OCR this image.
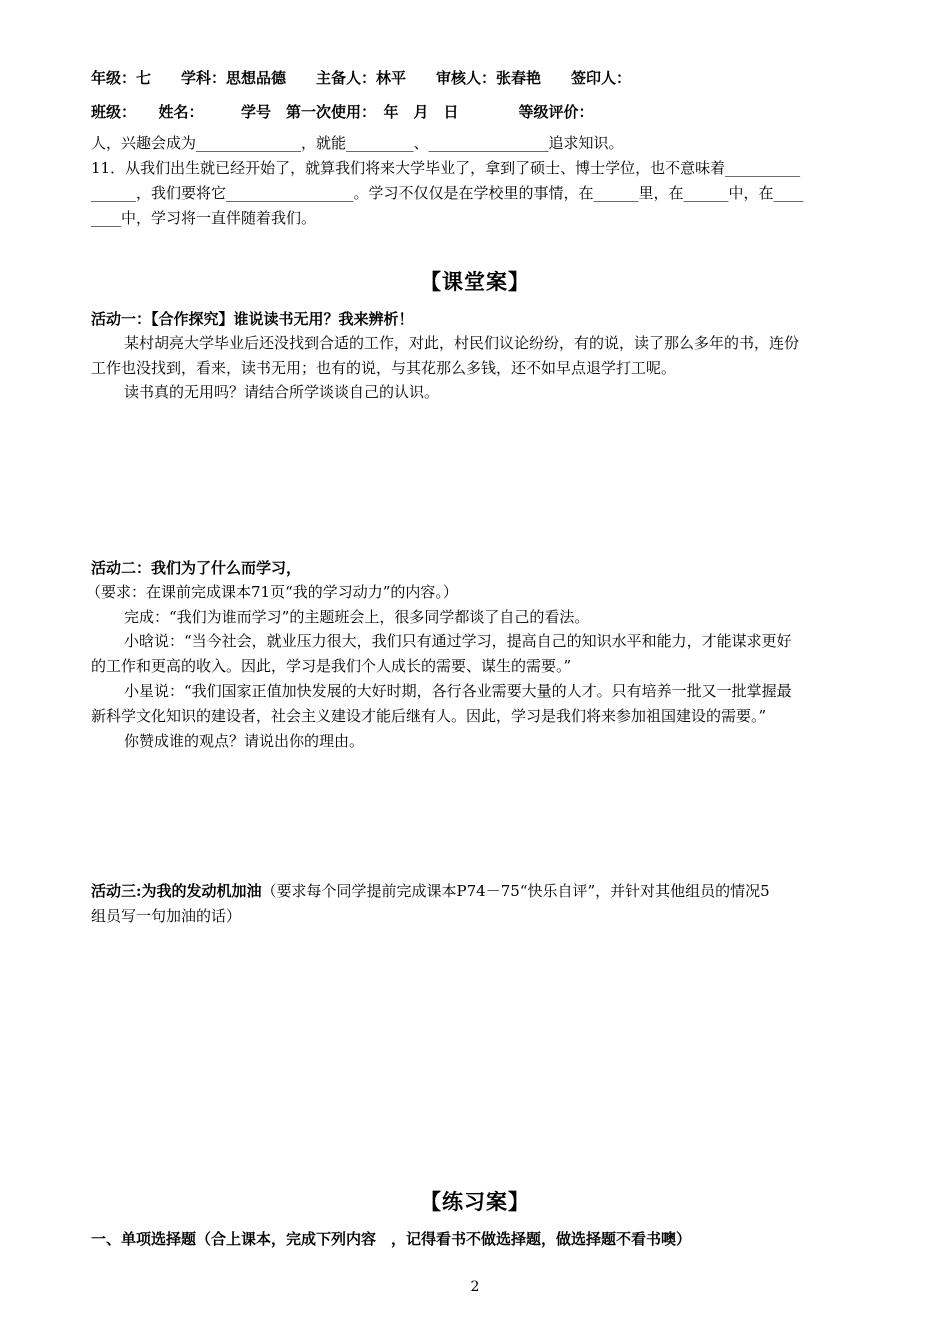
年级：七　　学科：思想品德　　主备人：林平　　审核人：张春艳　　签印人：
班级：　　姓名：　　　学号　第一次使用：　年　月　日　　　　等级评价：
人，兴趣会成为______________，就能_________、________________追求知识。
11．从我们出生就已经开始了，就算我们将来大学毕业了，拿到了硕士、博士学位，也不意味着__________
______，我们要将它_________________。学习不仅仅是在学校里的事情，在______里，在______中，在____
____中，学习将一直伴随着我们。
【课堂案】
活动一：【合作探究】谁说读书无用？我来辨析！
某村胡亮大学毕业后还没找到合适的工作，对此，村民们议论纷纷，有的说，读了那么多年的书，连份
工作也没找到，看来，读书无用；也有的说，与其花那么多钱，还不如早点退学打工呢。
读书真的无用吗？请结合所学谈谈自己的认识。
活动二：我们为了什么而学习，
（要求：在课前完成课本71页“我的学习动力”的内容。）
完成：“我们为谁而学习”的主题班会上，很多同学都谈了自己的看法。
小晗说：“当今社会，就业压力很大，我们只有通过学习，提高自己的知识水平和能力，才能谋求更好
的工作和更高的收入。因此，学习是我们个人成长的需要、谋生的需要。”
小星说：“我们国家正值加快发展的大好时期，各行各业需要大量的人才。只有培养一批又一批掌握最
新科学文化知识的建设者，社会主义建设才能后继有人。因此，学习是我们将来参加祖国建设的需要。”
你赞成谁的观点？请说出你的理由。
活动三:为我的发动机加油（要求每个同学提前完成课本P74－75“快乐自评”，并针对其他组员的情况5
组员写一句加油的话）
【练习案】
一、单项选择题（合上课本，完成下列内容　，记得看书不做选择题，做选择题不看书噢）
2
